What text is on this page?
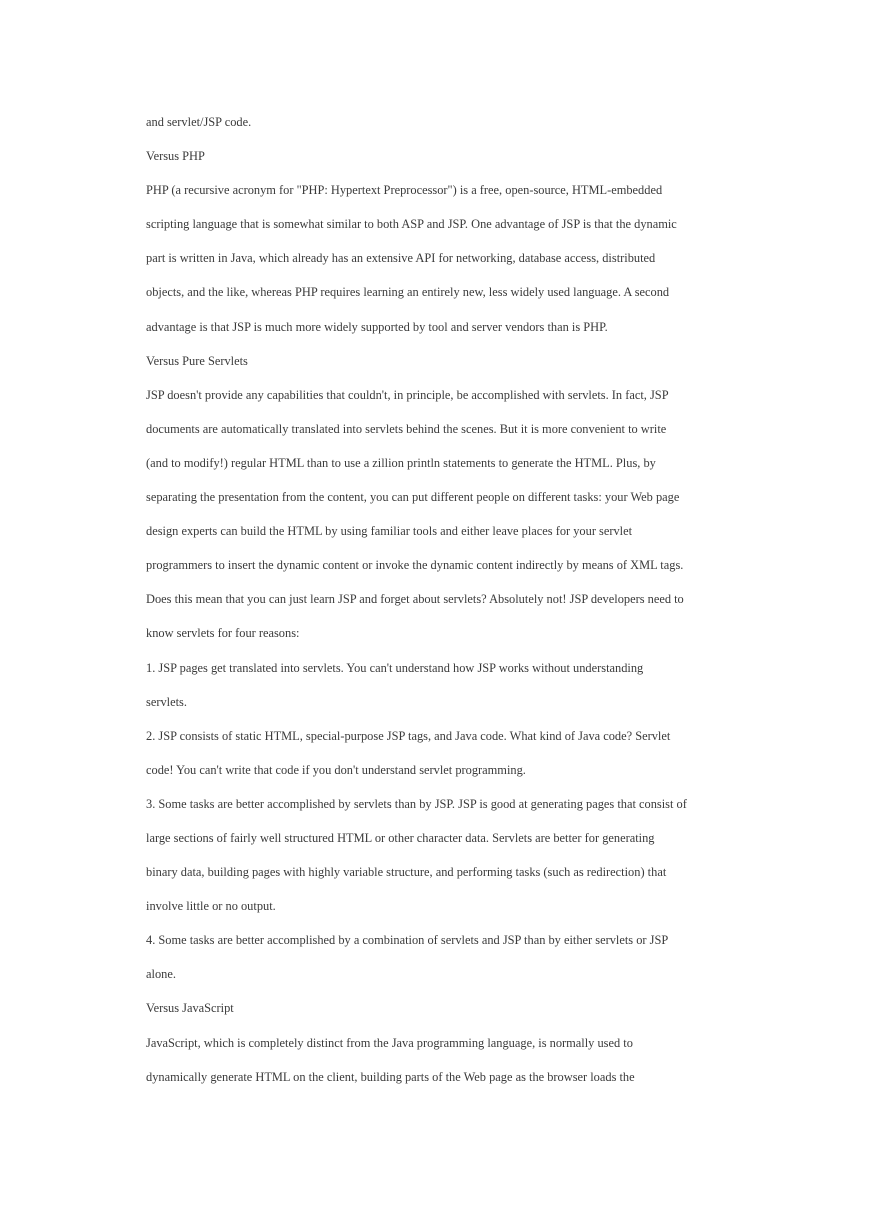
and servlet/JSP code.
Versus PHP
PHP (a recursive acronym for "PHP: Hypertext Preprocessor") is a free, open-source, HTML-embedded
scripting language that is somewhat similar to both ASP and JSP. One advantage of JSP is that the dynamic
part is written in Java, which already has an extensive API for networking, database access, distributed
objects, and the like, whereas PHP requires learning an entirely new, less widely used language. A second
advantage is that JSP is much more widely supported by tool and server vendors than is PHP.
Versus Pure Servlets
JSP doesn't provide any capabilities that couldn't, in principle, be accomplished with servlets. In fact, JSP
documents are automatically translated into servlets behind the scenes. But it is more convenient to write
(and to modify!) regular HTML than to use a zillion println statements to generate the HTML. Plus, by
separating the presentation from the content, you can put different people on different tasks: your Web page
design experts can build the HTML by using familiar tools and either leave places for your servlet
programmers to insert the dynamic content or invoke the dynamic content indirectly by means of XML tags.
Does this mean that you can just learn JSP and forget about servlets? Absolutely not! JSP developers need to
know servlets for four reasons:
1. JSP pages get translated into servlets. You can't understand how JSP works without understanding
servlets.
2. JSP consists of static HTML, special-purpose JSP tags, and Java code. What kind of Java code? Servlet
code! You can't write that code if you don't understand servlet programming.
3. Some tasks are better accomplished by servlets than by JSP. JSP is good at generating pages that consist of
large sections of fairly well structured HTML or other character data. Servlets are better for generating
binary data, building pages with highly variable structure, and performing tasks (such as redirection) that
involve little or no output.
4. Some tasks are better accomplished by a combination of servlets and JSP than by either servlets or JSP
alone.
Versus JavaScript
JavaScript, which is completely distinct from the Java programming language, is normally used to
dynamically generate HTML on the client, building parts of the Web page as the browser loads the
